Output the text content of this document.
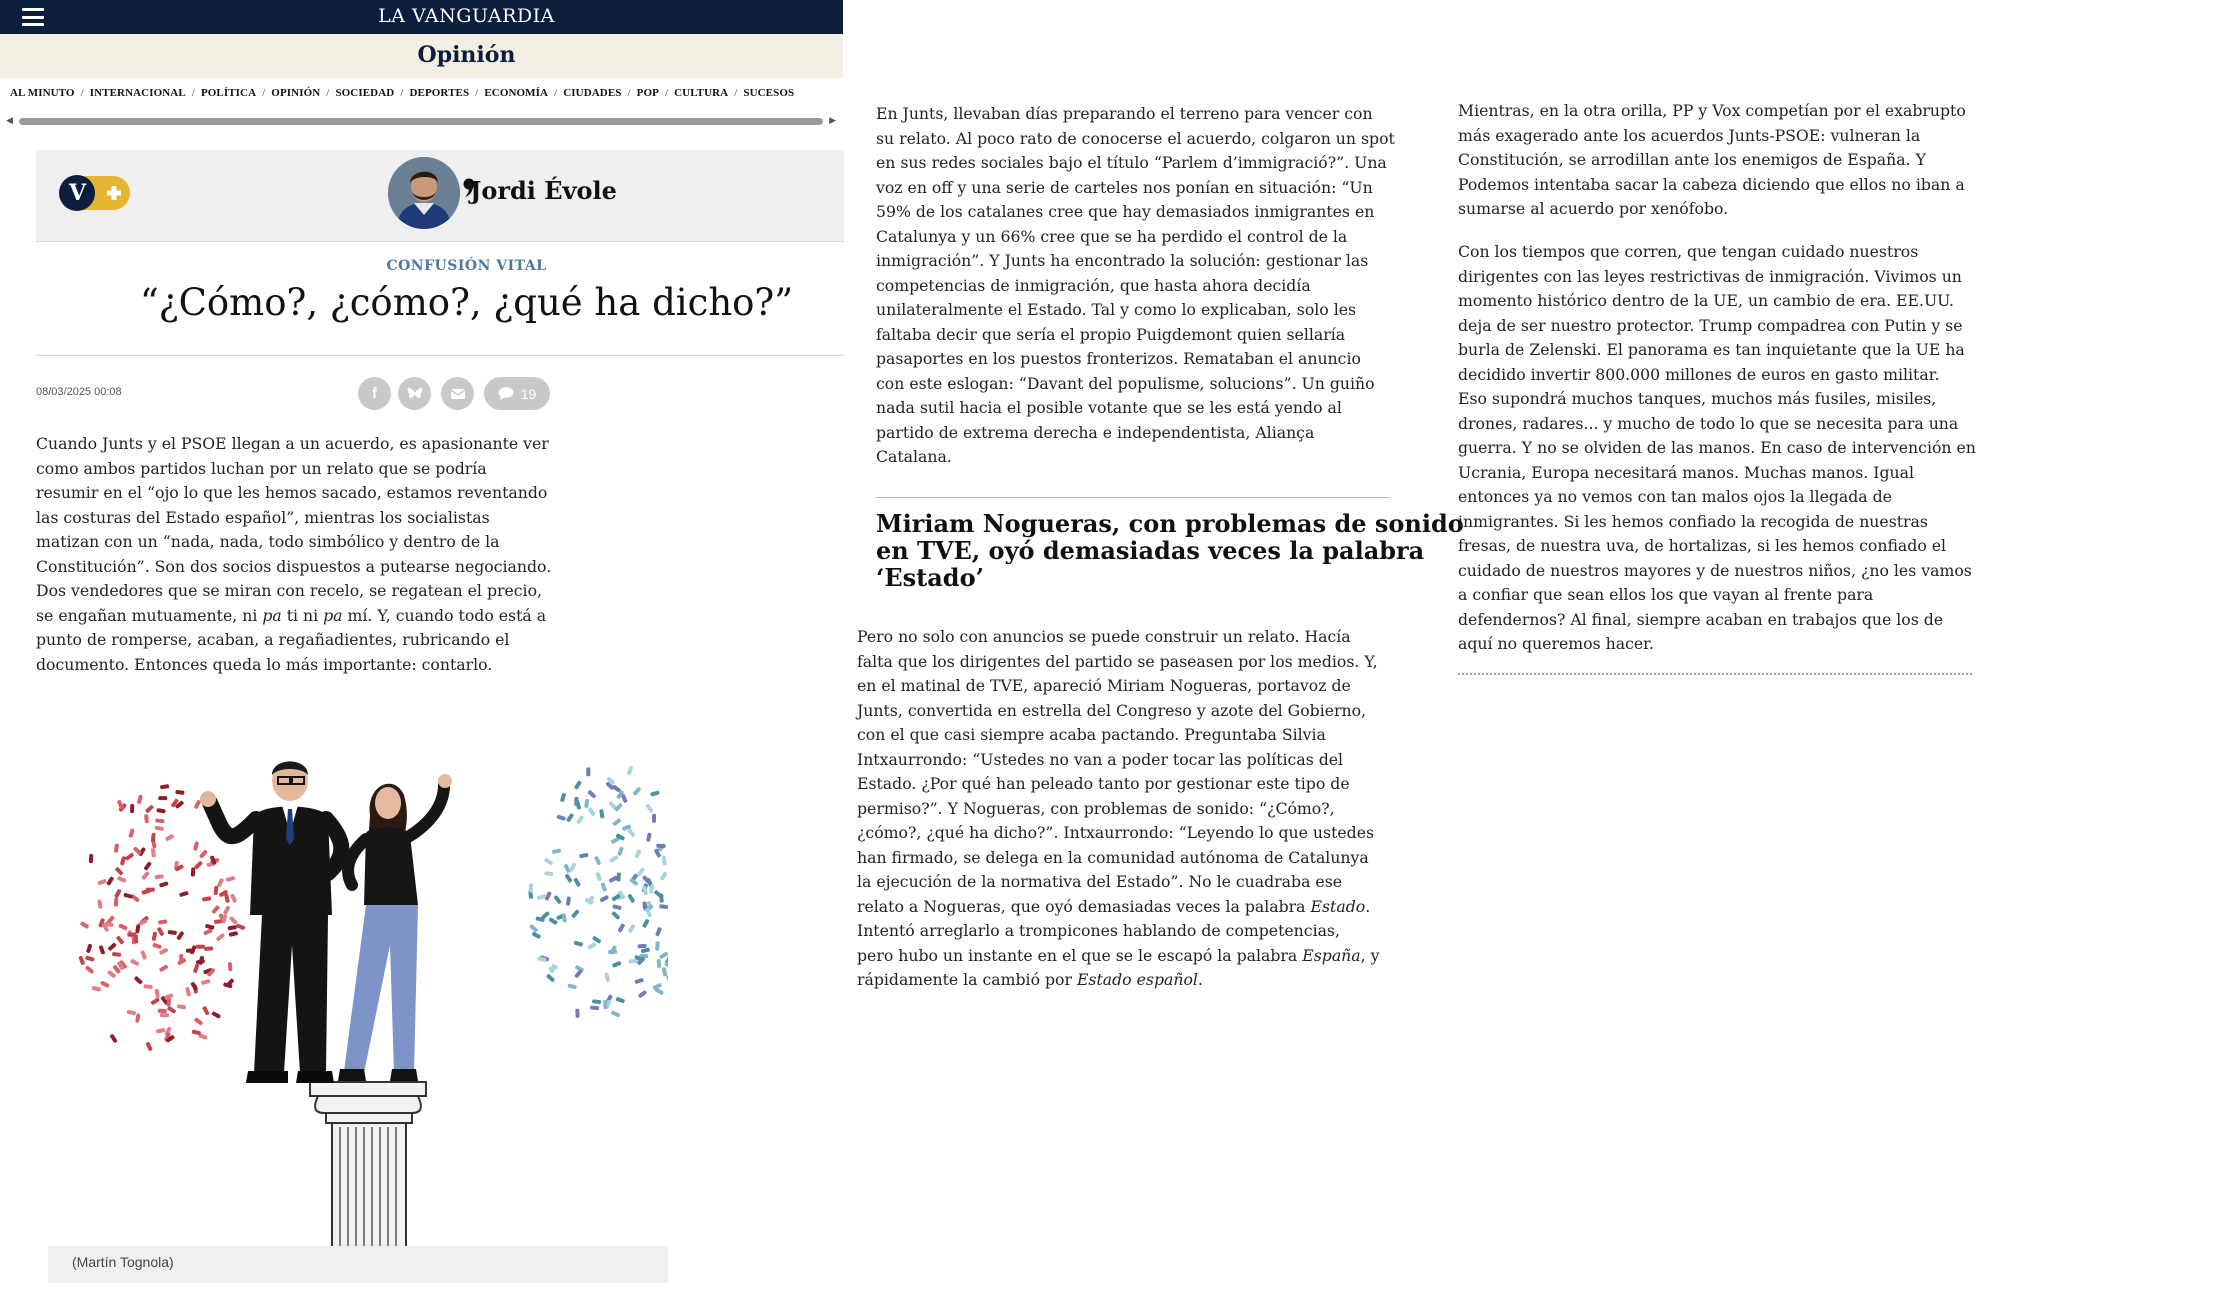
LA VANGUARDIA
Opinión
AL MINUTO / INTERNACIONAL / POLÍTICA / OPINIÓN / SOCIEDAD / DEPORTES / ECONOMÍA / CIUDADES / POP / CULTURA / SUCESOS
◀	▶
V	Jordi Évole
CONFUSIÓN VITAL
“¿Cómo?, ¿cómo?, ¿qué ha dicho?”
08/03/2025 00:08	f	19
Cuando Junts y el PSOE llegan a un acuerdo, es apasionante ver
como ambos partidos luchan por un relato que se podría
resumir en el “ojo lo que les hemos sacado, estamos reventando
las costuras del Estado español”, mientras los socialistas
matizan con un “nada, nada, todo simbólico y dentro de la
Constitución”. Son dos socios dispuestos a putearse negociando.
Dos vendedores que se miran con recelo, se regatean el precio,
se engañan mutuamente, ni pa ti ni pa mí. Y, cuando todo está a
punto de romperse, acaban, a regañadientes, rubricando el
documento. Entonces queda lo más importante: contarlo.
(Martín Tognola)
En Junts, llevaban días preparando el terreno para vencer con
su relato. Al poco rato de conocerse el acuerdo, colgaron un spot
en sus redes sociales bajo el título “Parlem d’immigració?”. Una
voz en off y una serie de carteles nos ponían en situación: “Un
59% de los catalanes cree que hay demasiados inmigrantes en
Catalunya y un 66% cree que se ha perdido el control de la
inmigración”. Y Junts ha encontrado la solución: gestionar las
competencias de inmigración, que hasta ahora decidía
unilateralmente el Estado. Tal y como lo explicaban, solo les
faltaba decir que sería el propio Puigdemont quien sellaría
pasaportes en los puestos fronterizos. Remataban el anuncio
con este eslogan: “Davant del populisme, solucions”. Un guiño
nada sutil hacia el posible votante que se les está yendo al
partido de extrema derecha e independentista, Aliança
Catalana.
Miriam Nogueras, con problemas de sonido
en TVE, oyó demasiadas veces la palabra
‘Estado’
Pero no solo con anuncios se puede construir un relato. Hacía
falta que los dirigentes del partido se paseasen por los medios. Y,
en el matinal de TVE, apareció Miriam Nogueras, portavoz de
Junts, convertida en estrella del Congreso y azote del Gobierno,
con el que casi siempre acaba pactando. Preguntaba Silvia
Intxaurrondo: “Ustedes no van a poder tocar las políticas del
Estado. ¿Por qué han peleado tanto por gestionar este tipo de
permiso?”. Y Nogueras, con problemas de sonido: “¿Cómo?,
¿cómo?, ¿qué ha dicho?”. Intxaurrondo: “Leyendo lo que ustedes
han firmado, se delega en la comunidad autónoma de Catalunya
la ejecución de la normativa del Estado”. No le cuadraba ese
relato a Nogueras, que oyó demasiadas veces la palabra Estado.
Intentó arreglarlo a trompicones hablando de competencias,
pero hubo un instante en el que se le escapó la palabra España, y
rápidamente la cambió por Estado español.
Mientras, en la otra orilla, PP y Vox competían por el exabrupto
más exagerado ante los acuerdos Junts-PSOE: vulneran la
Constitución, se arrodillan ante los enemigos de España. Y
Podemos intentaba sacar la cabeza diciendo que ellos no iban a
sumarse al acuerdo por xenófobo.
Con los tiempos que corren, que tengan cuidado nuestros
dirigentes con las leyes restrictivas de inmigración. Vivimos un
momento histórico dentro de la UE, un cambio de era. EE.UU.
deja de ser nuestro protector. Trump compadrea con Putin y se
burla de Zelenski. El panorama es tan inquietante que la UE ha
decidido invertir 800.000 millones de euros en gasto militar.
Eso supondrá muchos tanques, muchos más fusiles, misiles,
drones, radares... y mucho de todo lo que se necesita para una
guerra. Y no se olviden de las manos. En caso de intervención en
Ucrania, Europa necesitará manos. Muchas manos. Igual
entonces ya no vemos con tan malos ojos la llegada de
inmigrantes. Si les hemos confiado la recogida de nuestras
fresas, de nuestra uva, de hortalizas, si les hemos confiado el
cuidado de nuestros mayores y de nuestros niños, ¿no les vamos
a confiar que sean ellos los que vayan al frente para
defendernos? Al final, siempre acaban en trabajos que los de
aquí no queremos hacer.
